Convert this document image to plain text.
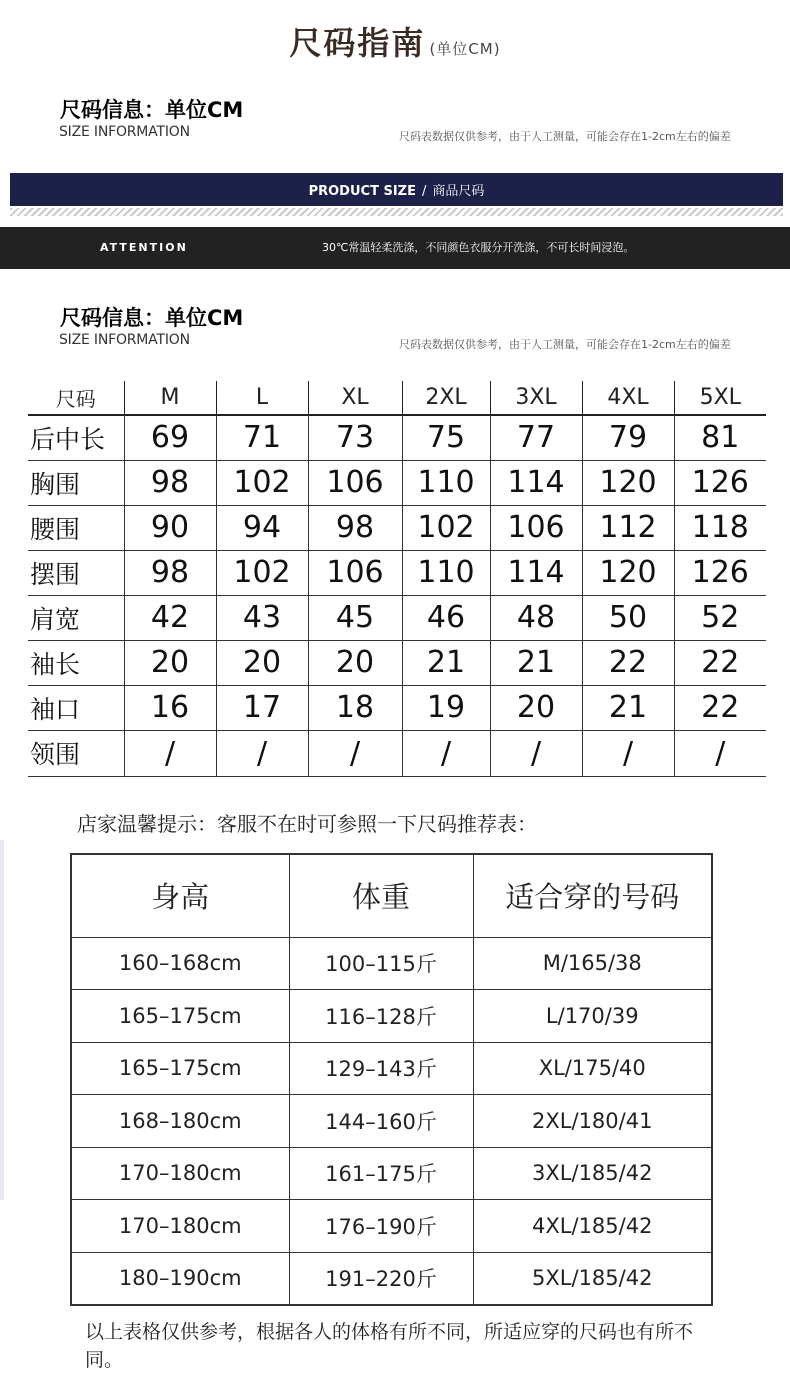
尺码指南 (单位CM)
尺码信息：单位CM
SIZE INFORMATION	尺码表数据仅供参考，由于人工测量，可能会存在1-2cm左右的偏差
PRODUCT SIZE / 商品尺码
ATTENTION	30℃常温轻柔洗涤，不同颜色衣服分开洗涤，不可长时间浸泡。
尺码信息：单位CM
SIZE INFORMATION	尺码表数据仅供参考，由于人工测量，可能会存在1-2cm左右的偏差
尺码	M	L	XL	2XL	3XL	4XL	5XL
后中长	69	71	73	75	77	79	81
胸围	98	102	106	110	114	120	126
腰围	90	94	98	102	106	112	118
摆围	98	102	106	110	114	120	126
肩宽	42	43	45	46	48	50	52
袖长	20	20	20	21	21	22	22
袖口	16	17	18	19	20	21	22
领围	/	/	/	/	/	/	/
店家温馨提示：客服不在时可参照一下尺码推荐表：
身高	体重	适合穿的号码
160–168cm	100–115斤	M/165/38
165–175cm	116–128斤	L/170/39
165–175cm	129–143斤	XL/175/40
168–180cm	144–160斤	2XL/180/41
170–180cm	161–175斤	3XL/185/42
170–180cm	176–190斤	4XL/185/42
180–190cm	191–220斤	5XL/185/42
以上表格仅供参考，根据各人的体格有所不同，所适应穿的尺码也有所不同。
